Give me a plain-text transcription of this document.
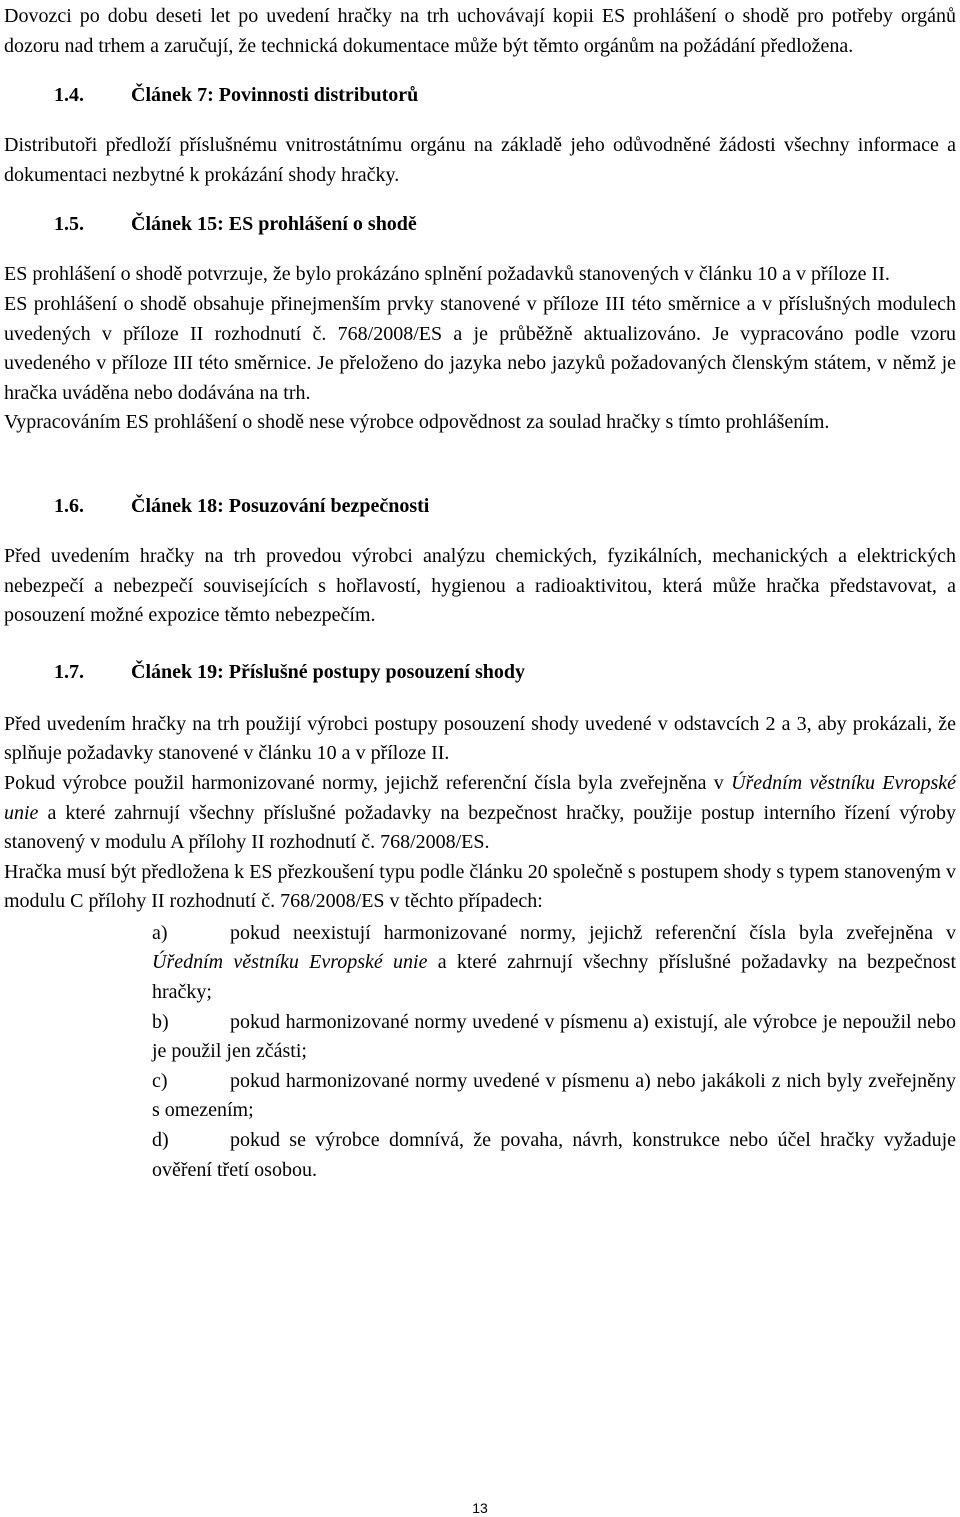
Dovozci po dobu deseti let po uvedení hračky na trh uchovávají kopii ES prohlášení o shodě pro potřeby orgánů dozoru nad trhem a zaručují, že technická dokumentace může být těmto orgánům na požádání předložena.

1.4. Článek 7: Povinnosti distributorů

Distributoři předloží příslušnému vnitrostátnímu orgánu na základě jeho odůvodněné žádosti všechny informace a dokumentaci nezbytné k prokázání shody hračky.

1.5. Článek 15: ES prohlášení o shodě

ES prohlášení o shodě potvrzuje, že bylo prokázáno splnění požadavků stanovených v článku 10 a v příloze II.

ES prohlášení o shodě obsahuje přinejmenším prvky stanovené v příloze III této směrnice a v příslušných modulech uvedených v příloze II rozhodnutí č. 768/2008/ES a je průběžně aktualizováno. Je vypracováno podle vzoru uvedeného v příloze III této směrnice. Je přeloženo do jazyka nebo jazyků požadovaných členským státem, v němž je hračka uváděna nebo dodávána na trh.

Vypracováním ES prohlášení o shodě nese výrobce odpovědnost za soulad hračky s tímto prohlášením.

1.6. Článek 18: Posuzování bezpečnosti

Před uvedením hračky na trh provedou výrobci analýzu chemických, fyzikálních, mechanických a elektrických nebezpečí a nebezpečí souvisejících s hořlavostí, hygienou a radioaktivitou, která může hračka představovat, a posouzení možné expozice těmto nebezpečím.

1.7. Článek 19: Příslušné postupy posouzení shody

Před uvedením hračky na trh použijí výrobci postupy posouzení shody uvedené v odstavcích 2 a 3, aby prokázali, že splňuje požadavky stanovené v článku 10 a v příloze II.

Pokud výrobce použil harmonizované normy, jejichž referenční čísla byla zveřejněna v Úředním věstníku Evropské unie a které zahrnují všechny příslušné požadavky na bezpečnost hračky, použije postup interního řízení výroby stanovený v modulu A přílohy II rozhodnutí č. 768/2008/ES.

Hračka musí být předložena k ES přezkoušení typu podle článku 20 společně s postupem shody s typem stanoveným v modulu C přílohy II rozhodnutí č. 768/2008/ES v těchto případech:

a)	pokud neexistují harmonizované normy, jejichž referenční čísla byla zveřejněna v Úředním věstníku Evropské unie a které zahrnují všechny příslušné požadavky na bezpečnost hračky;

b)	pokud harmonizované normy uvedené v písmenu a) existují, ale výrobce je nepoužil nebo je použil jen zčásti;

c)	pokud harmonizované normy uvedené v písmenu a) nebo jakákoli z nich byly zveřejněny s omezením;

d)	pokud se výrobce domnívá, že povaha, návrh, konstrukce nebo účel hračky vyžaduje ověření třetí osobou.

13
